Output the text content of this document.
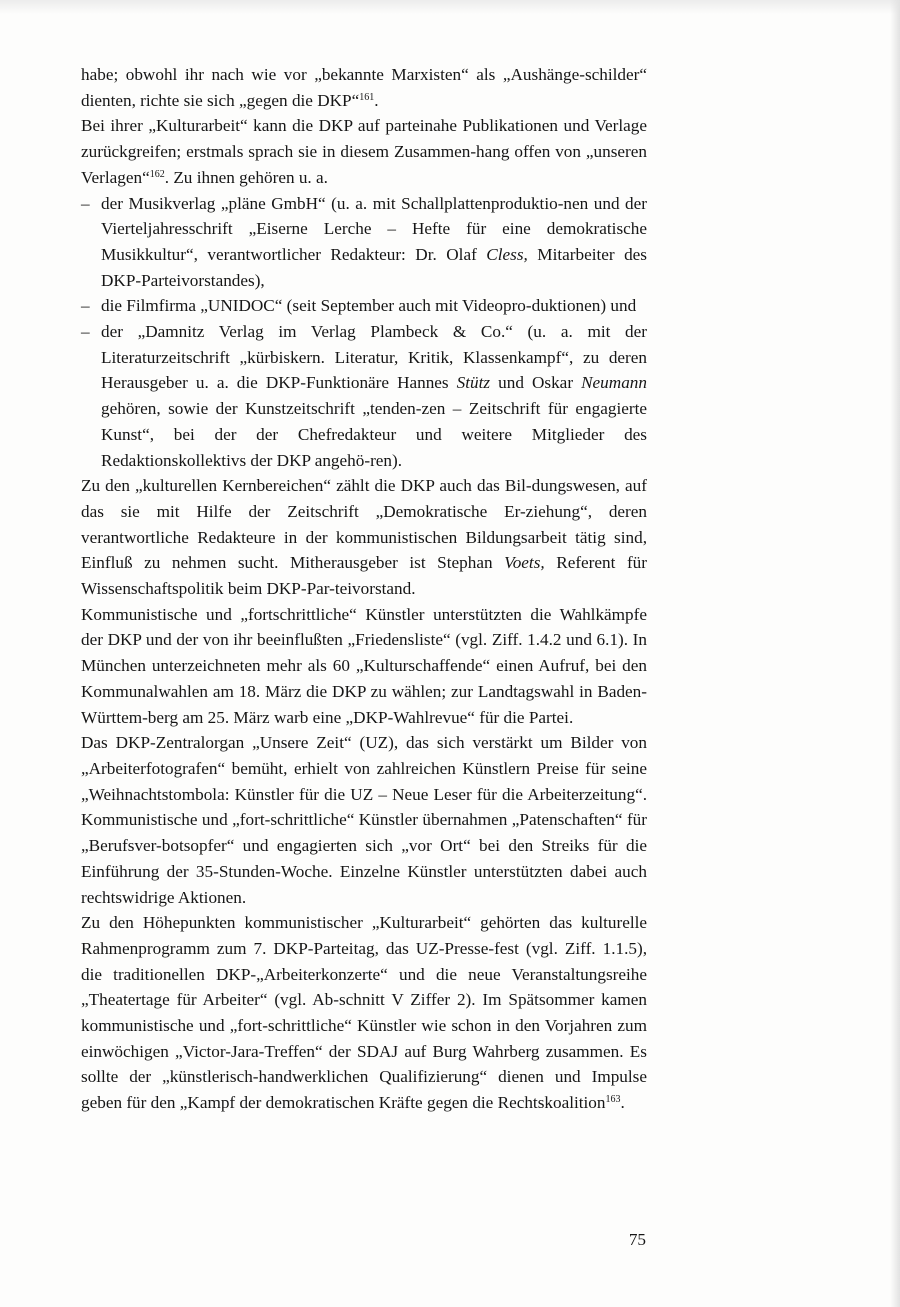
habe; obwohl ihr nach wie vor „bekannte Marxisten“ als „Aushänge-schilder“ dienten, richte sie sich „gegen die DKP“$^{161}$.
Bei ihrer „Kulturarbeit“ kann die DKP auf parteinahe Publikationen und Verlage zurückgreifen; erstmals sprach sie in diesem Zusammen-hang offen von „unseren Verlagen“$^{162}$. Zu ihnen gehören u. a.

– der Musikverlag „pläne GmbH“ (u. a. mit Schallplattenproduktio-nen und der Vierteljahresschrift „Eiserne Lerche – Hefte für eine demokratische Musikkultur“, verantwortlicher Redakteur: Dr. Olaf Cless, Mitarbeiter des DKP-Parteivorstandes),

– die Filmfirma „UNIDOC“ (seit September auch mit Videopro-duktionen) und

– der „Damnitz Verlag im Verlag Plambeck & Co.“ (u. a. mit der Literaturzeitschrift „kürbiskern. Literatur, Kritik, Klassenkampf“, zu deren Herausgeber u. a. die DKP-Funktionäre Hannes Stütz und Oskar Neumann gehören, sowie der Kunstzeitschrift „tenden-zen – Zeitschrift für engagierte Kunst“, bei der der Chefredakteur und weitere Mitglieder des Redaktionskollektivs der DKP angehö-ren).

Zu den „kulturellen Kernbereichen“ zählt die DKP auch das Bil-dungswesen, auf das sie mit Hilfe der Zeitschrift „Demokratische Er-ziehung“, deren verantwortliche Redakteure in der kommunistischen Bildungsarbeit tätig sind, Einfluß zu nehmen sucht. Mitherausgeber ist Stephan Voets, Referent für Wissenschaftspolitik beim DKP-Par-teivorstand.

Kommunistische und „fortschrittliche“ Künstler unterstützten die Wahlkämpfe der DKP und der von ihr beeinflußten „Friedensliste“ (vgl. Ziff. 1.4.2 und 6.1). In München unterzeichneten mehr als 60 „Kulturschaffende“ einen Aufruf, bei den Kommunalwahlen am 18. März die DKP zu wählen; zur Landtagswahl in Baden-Württem-berg am 25. März warb eine „DKP-Wahlrevue“ für die Partei.

Das DKP-Zentralorgan „Unsere Zeit“ (UZ), das sich verstärkt um Bilder von „Arbeiterfotografen“ bemüht, erhielt von zahlreichen Künstlern Preise für seine „Weihnachtstombola: Künstler für die UZ – Neue Leser für die Arbeiterzeitung“. Kommunistische und „fort-schrittliche“ Künstler übernahmen „Patenschaften“ für „Berufsver-botsopfer“ und engagierten sich „vor Ort“ bei den Streiks für die Einführung der 35-Stunden-Woche. Einzelne Künstler unterstützten dabei auch rechtswidrige Aktionen.

Zu den Höhepunkten kommunistischer „Kulturarbeit“ gehörten das kulturelle Rahmenprogramm zum 7. DKP-Parteitag, das UZ-Presse-fest (vgl. Ziff. 1.1.5), die traditionellen DKP-„Arbeiterkonzerte“ und die neue Veranstaltungsreihe „Theatertage für Arbeiter“ (vgl. Ab-schnitt V Ziffer 2). Im Spätsommer kamen kommunistische und „fort-schrittliche“ Künstler wie schon in den Vorjahren zum einwöchigen „Victor-Jara-Treffen“ der SDAJ auf Burg Wahrberg zusammen. Es sollte der „künstlerisch-handwerklichen Qualifizierung“ dienen und Impulse geben für den „Kampf der demokratischen Kräfte gegen die Rechtskoalition$^{163}$.

75
